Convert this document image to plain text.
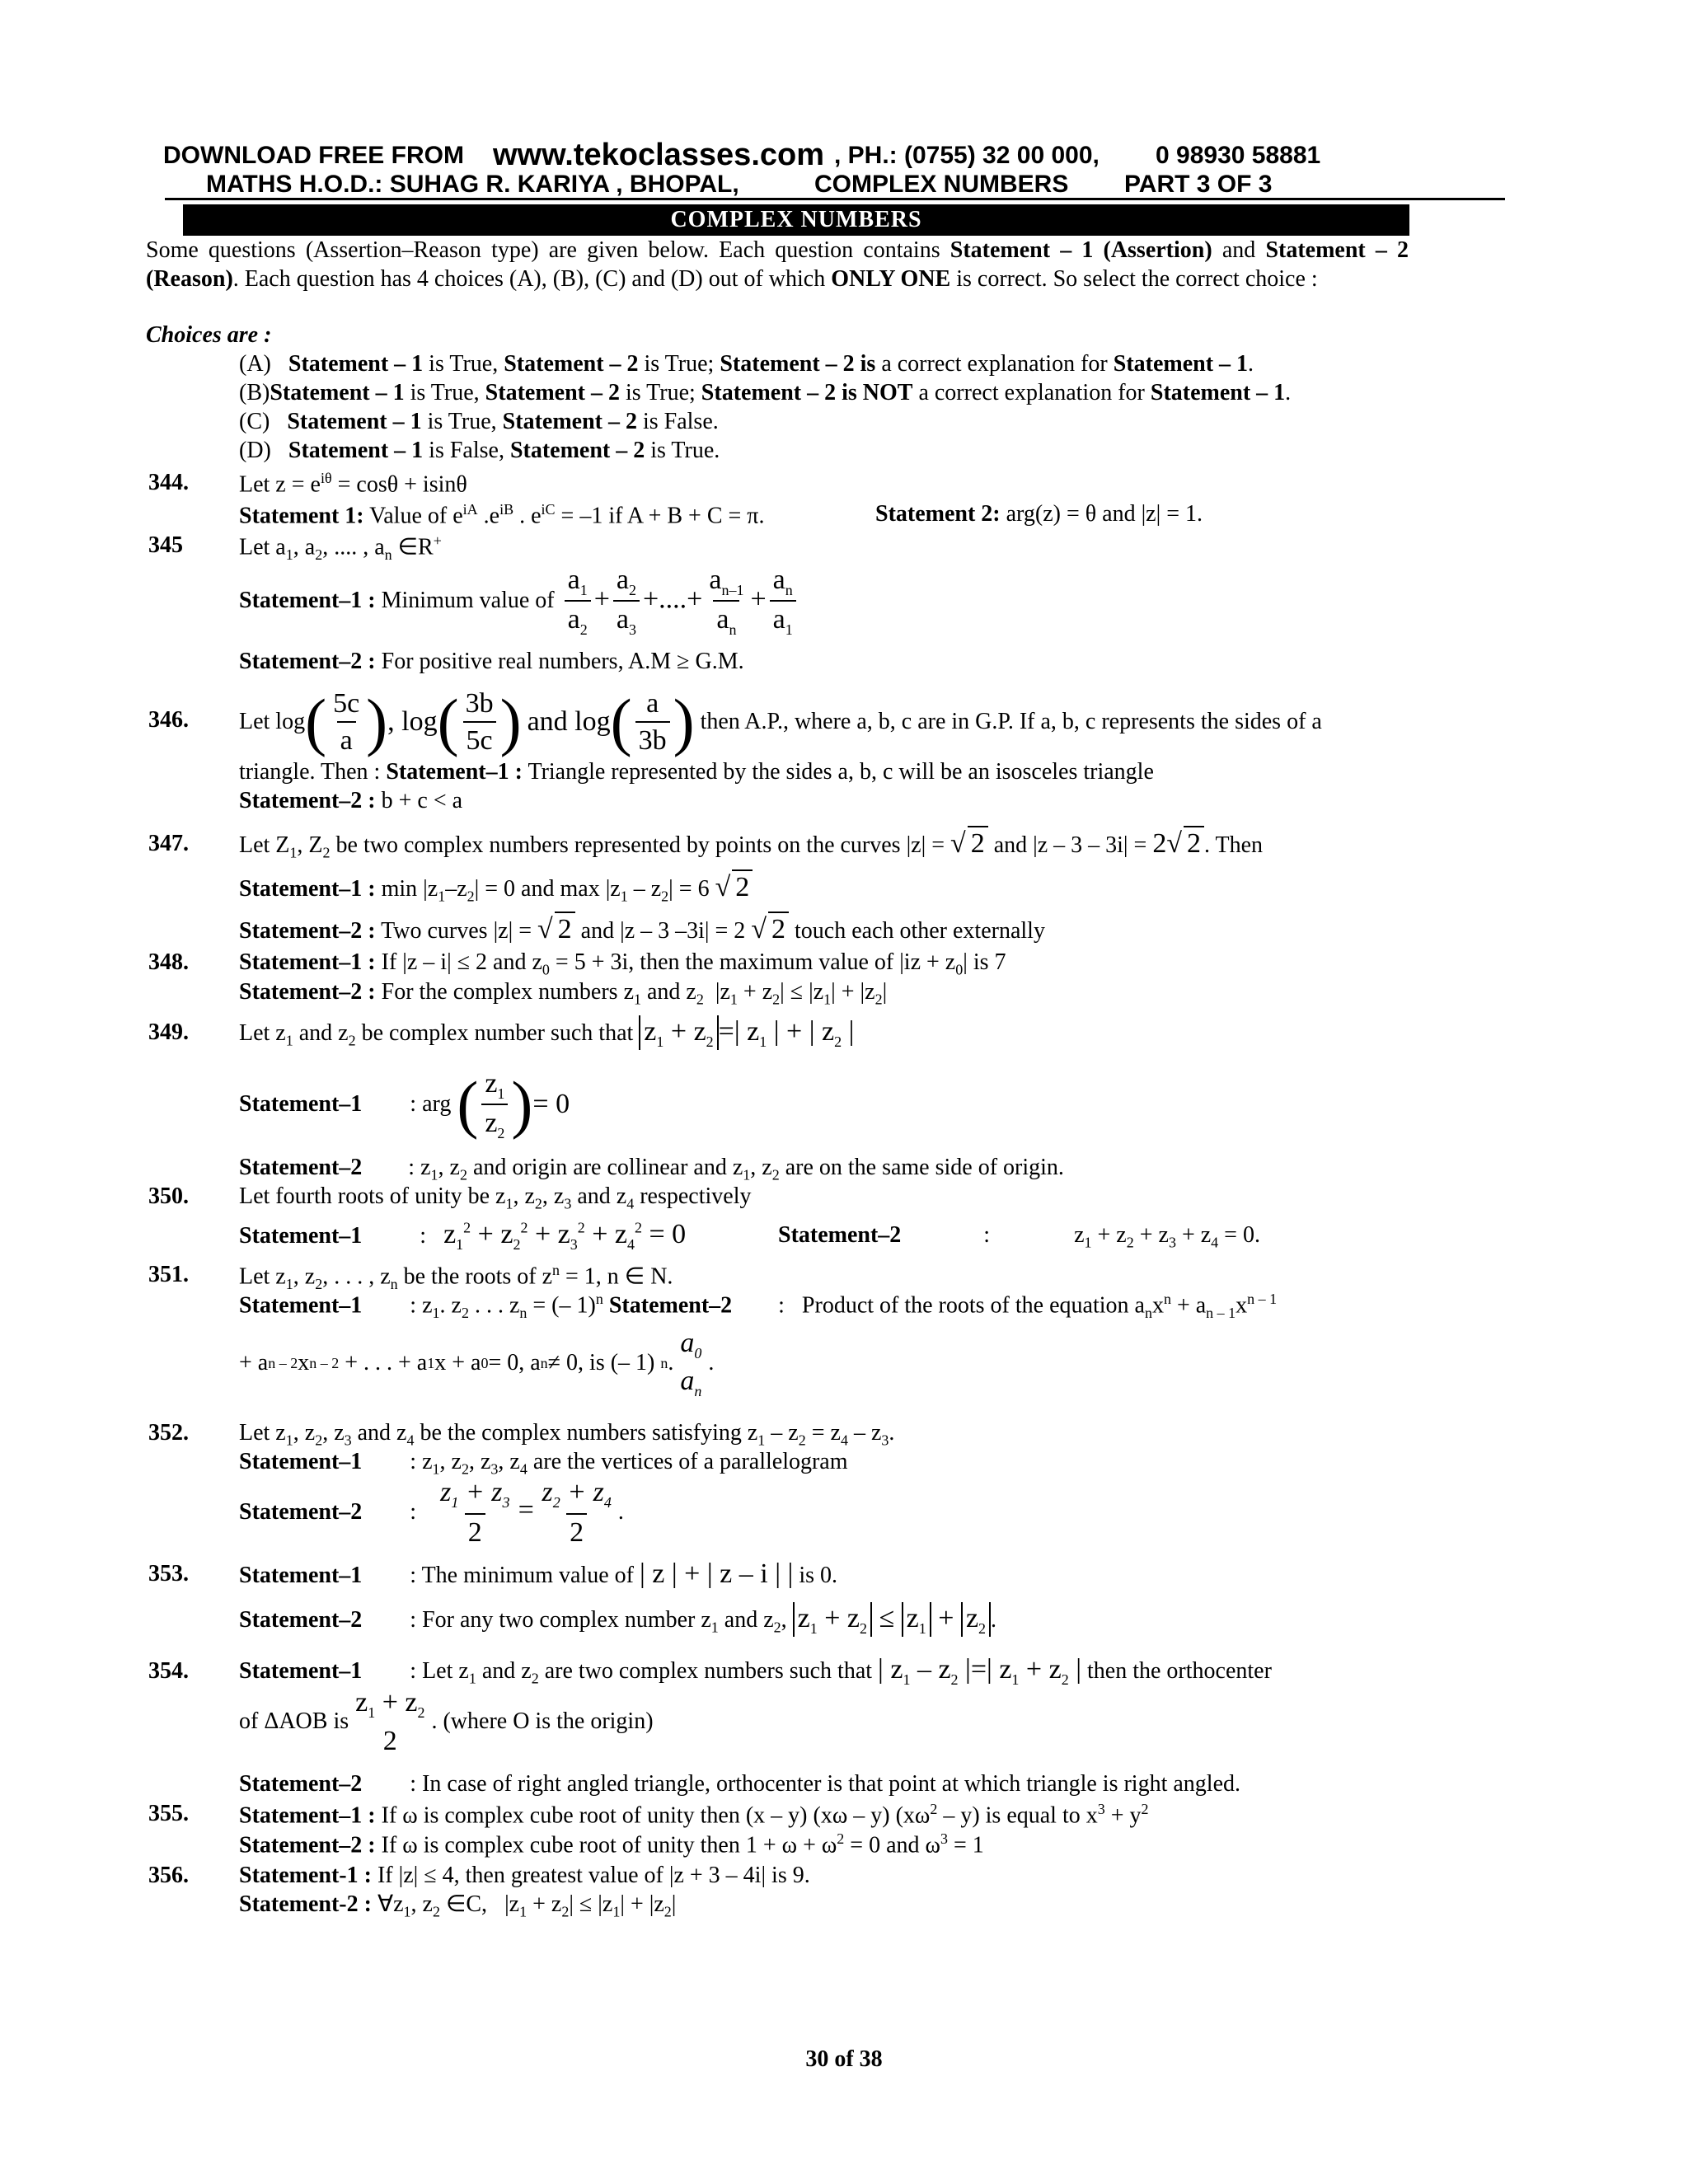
DOWNLOAD FREE FROM www.tekoclasses.com , PH.: (0755) 32 00 000, 0 98930 58881
MATHS H.O.D.: SUHAG R. KARIYA , BHOPAL,	COMPLEX NUMBERS PART 3 OF 3
COMPLEX NUMBERS
Some questions (Assertion–Reason type) are given below. Each question contains Statement – 1 (Assertion) and Statement – 2 (Reason). Each question has 4 choices (A), (B), (C) and (D) out of which ONLY ONE is correct. So select the correct choice :
Choices are :
(A) Statement – 1 is True, Statement – 2 is True; Statement – 2 is a correct explanation for Statement – 1.
(B)Statement – 1 is True, Statement – 2 is True; Statement – 2 is NOT a correct explanation for Statement – 1.
(C) Statement – 1 is True, Statement – 2 is False.
(D) Statement – 1 is False, Statement – 2 is True.
344. Let $z = e^{i\theta} = \cos\theta + isin\theta$
Statement 1: Value of $e^{iA}$ $.e^{iB}$ . $e^{iC} = -1$ if A + B + C = π.	Statement 2: arg(z) = θ and |z| = 1.
345 Let $a_1$, $a_2$, .... , $a_n$ ∈R+
Statement–1 :
Minimum value of $\frac{a_1}{a_2} + \frac{a_2}{a_3}$ +....+ $\frac{a_{n-1}}{a_n} + \frac{a_n}{a_1}$
Statement–2 : For positive real numbers, A.M ≥ G.M.
346. Let log ( $\frac{5c}{a}$ ) , log ( $\frac{3b}{5c}$ )
and log ( $\frac{a}{3b}$ )
then A.P., where a, b, c are in G.P. If a, b, c represents the sides of a
triangle. Then : Statement–1 : Triangle represented by the sides a, b, c will be an isosceles triangle
Statement–2 : b + c < a
347. Let $Z_1$, $Z_2$ be two complex numbers represented by points on the curves |z| = √ 2 and |z – 3 – 3i| = 2√ 2 . Then
Statement–1 : $\min |z_1-z_2| = 0$ and $\max |z_1 - z_2| = 6$ √ 2
Statement–2 : Two curves |z| = √ 2 and |z – 3 –3i| = 2 √ 2 touch each other externally
348. Statement–1 : If |z – i| ≤ 2 and $z_0 = 5 + 3i$, then the maximum value of $|iz + z_0|$ is 7
Statement–2 : For the complex numbers $z_1$ and $z_2$ $|z_1 + z_2| \le |z_1| + |z_2|$
349. Let $z_1$ and $z_2$ be complex number such that $z_1 + z_2$ =| $z_1$ | + | $z_2$ |
Statement–1 :
arg
( $\frac{z_1}{z_2}$ ) = 0
Statement–2 : $z_1$, $z_2$ and origin are collinear and $z_1$, $z_2$ are on the same side of origin.
350. Let fourth roots of unity be $z_1$, $z_2$, $z_3$ and $z_4$ respectively
Statement–1	:   $z_1^2 + z_2^2 + z_3^2 + z_4^2 = 0$	Statement–2	:	$z_1 + z_2 + z_3 + z_4 = 0$.
351. Let $z_1$, $z_2$, . . . , $z_n$ be the roots of $z^n = 1$, n ∈ N.
Statement–1 : $z_1$. $z_2$ . . . $z_n$ = (– 1)$^n$ Statement–2 :   Product of the roots of the equation $a_nx^n + a_{n - 1}x^{n - 1}$
+ a n – 2 x n – 2
+ . . . + a 1 x + a 0 = 0, a n ≠ 0, is (– 1)
n .
$a_0$
$a_n$
.
352. Let $z_1$, $z_2$, $z_3$ and $z_4$ be the complex numbers satisfying $z_1 - z_2 = z_4 - z_3$.
Statement–1 : $z_1$, $z_2$, $z_3$, $z_4$ are the vertices of a parallelogram
Statement–2 : $\frac{z_1 + z_3}{2} = \frac{z_2 + z_4}{2}$ .
353. Statement–1 : The minimum value of | z | + | z – i | | is 0.
Statement–2 : For any two complex number $z_1$ and $z_2$, $z_1 + z_2 \le z_1 + z_2$ .
354. Statement–1 : Let $z_1$ and $z_2$ are two complex numbers such that | $z_1 - z_2$ |=| $z_1 + z_2$ | then the orthocenter
of ΔAOB is
$z_1 + z_2$
2
. (where O is the origin)
Statement–2 : In case of right angled triangle, orthocenter is that point at which triangle is right angled.
355. Statement–1 : If ω is complex cube root of unity then (x – y) (xω – y) $(x\omega^2 - y)$ is equal to $x^3 + y^2$
Statement–2 : If ω is complex cube root of unity then $1 + \omega + \omega^2 = 0$ and $\omega^3 = 1$
356. Statement-1 : If |z| ≤ 4, then greatest value of |z + 3 – 4i| is 9.
Statement-2 : $\forall z_1$, $z_2$ ∈C, $|z_1 + z_2| \le |z_1| + |z_2|$
30 of 38
